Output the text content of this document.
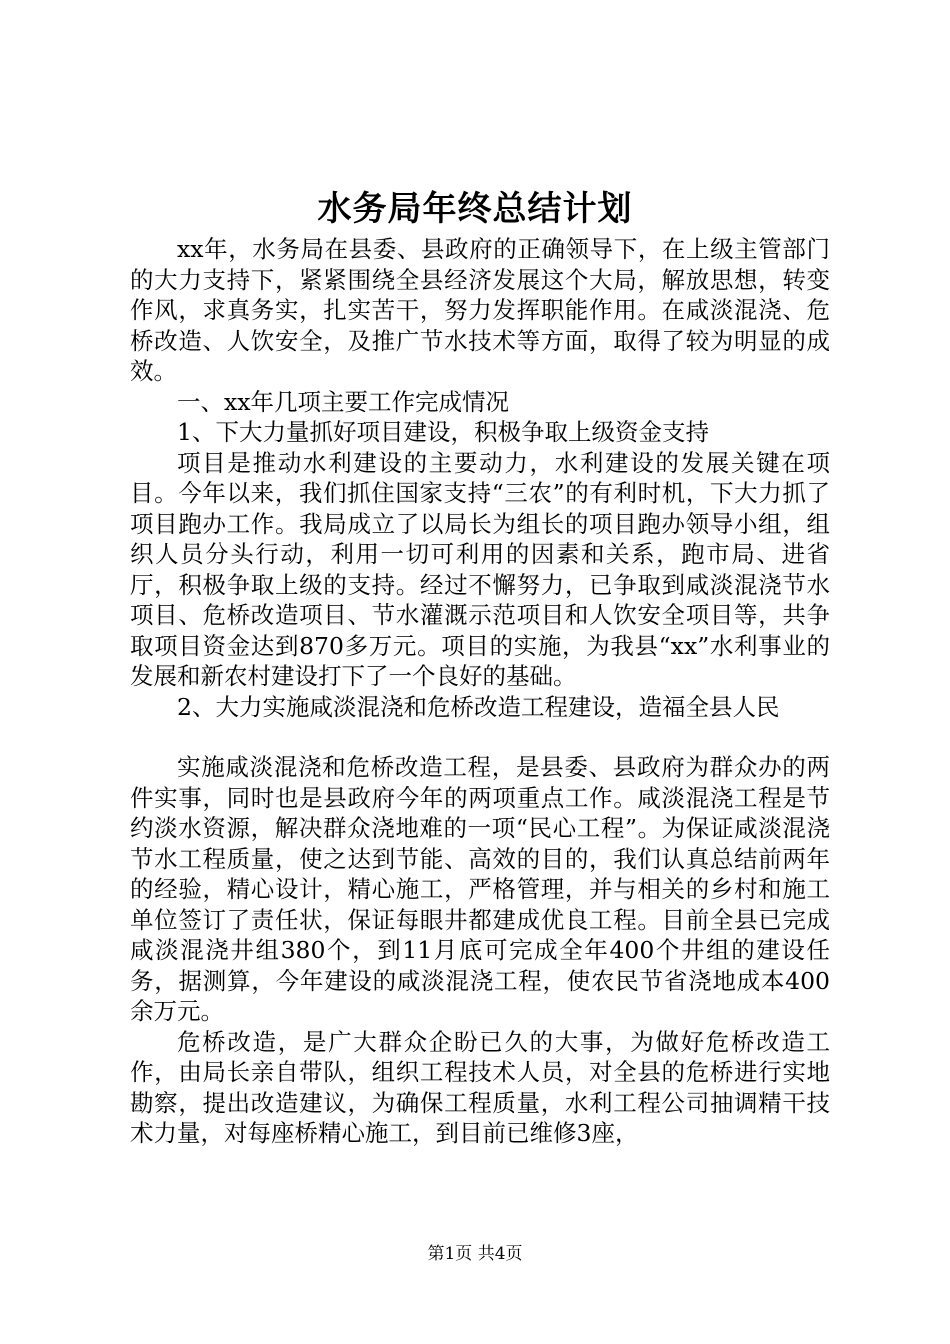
水务局年终总结计划

xx年，水务局在县委、县政府的正确领导下，在上级主管部门的大力支持下，紧紧围绕全县经济发展这个大局，解放思想，转变作风，求真务实，扎实苦干，努力发挥职能作用。在咸淡混浇、危桥改造、人饮安全，及推广节水技术等方面，取得了较为明显的成效。

一、xx年几项主要工作完成情况

1、下大力量抓好项目建设，积极争取上级资金支持

项目是推动水利建设的主要动力，水利建设的发展关键在项目。今年以来，我们抓住国家支持“三农”的有利时机，下大力抓了项目跑办工作。我局成立了以局长为组长的项目跑办领导小组，组织人员分头行动，利用一切可利用的因素和关系，跑市局、进省厅，积极争取上级的支持。经过不懈努力，已争取到咸淡混浇节水项目、危桥改造项目、节水灌溉示范项目和人饮安全项目等，共争取项目资金达到870多万元。项目的实施，为我县“xx”水利事业的发展和新农村建设打下了一个良好的基础。

2、大力实施咸淡混浇和危桥改造工程建设，造福全县人民

实施咸淡混浇和危桥改造工程，是县委、县政府为群众办的两件实事，同时也是县政府今年的两项重点工作。咸淡混浇工程是节约淡水资源，解决群众浇地难的一项“民心工程”。为保证咸淡混浇节水工程质量，使之达到节能、高效的目的，我们认真总结前两年的经验，精心设计，精心施工，严格管理，并与相关的乡村和施工单位签订了责任状，保证每眼井都建成优良工程。目前全县已完成咸淡混浇井组380个，到11月底可完成全年400个井组的建设任务，据测算，今年建设的咸淡混浇工程，使农民节省浇地成本400余万元。

危桥改造，是广大群众企盼已久的大事，为做好危桥改造工作，由局长亲自带队，组织工程技术人员，对全县的危桥进行实地勘察，提出改造建议，为确保工程质量，水利工程公司抽调精干技术力量，对每座桥精心施工，到目前已维修3座，

第1页 共4页
